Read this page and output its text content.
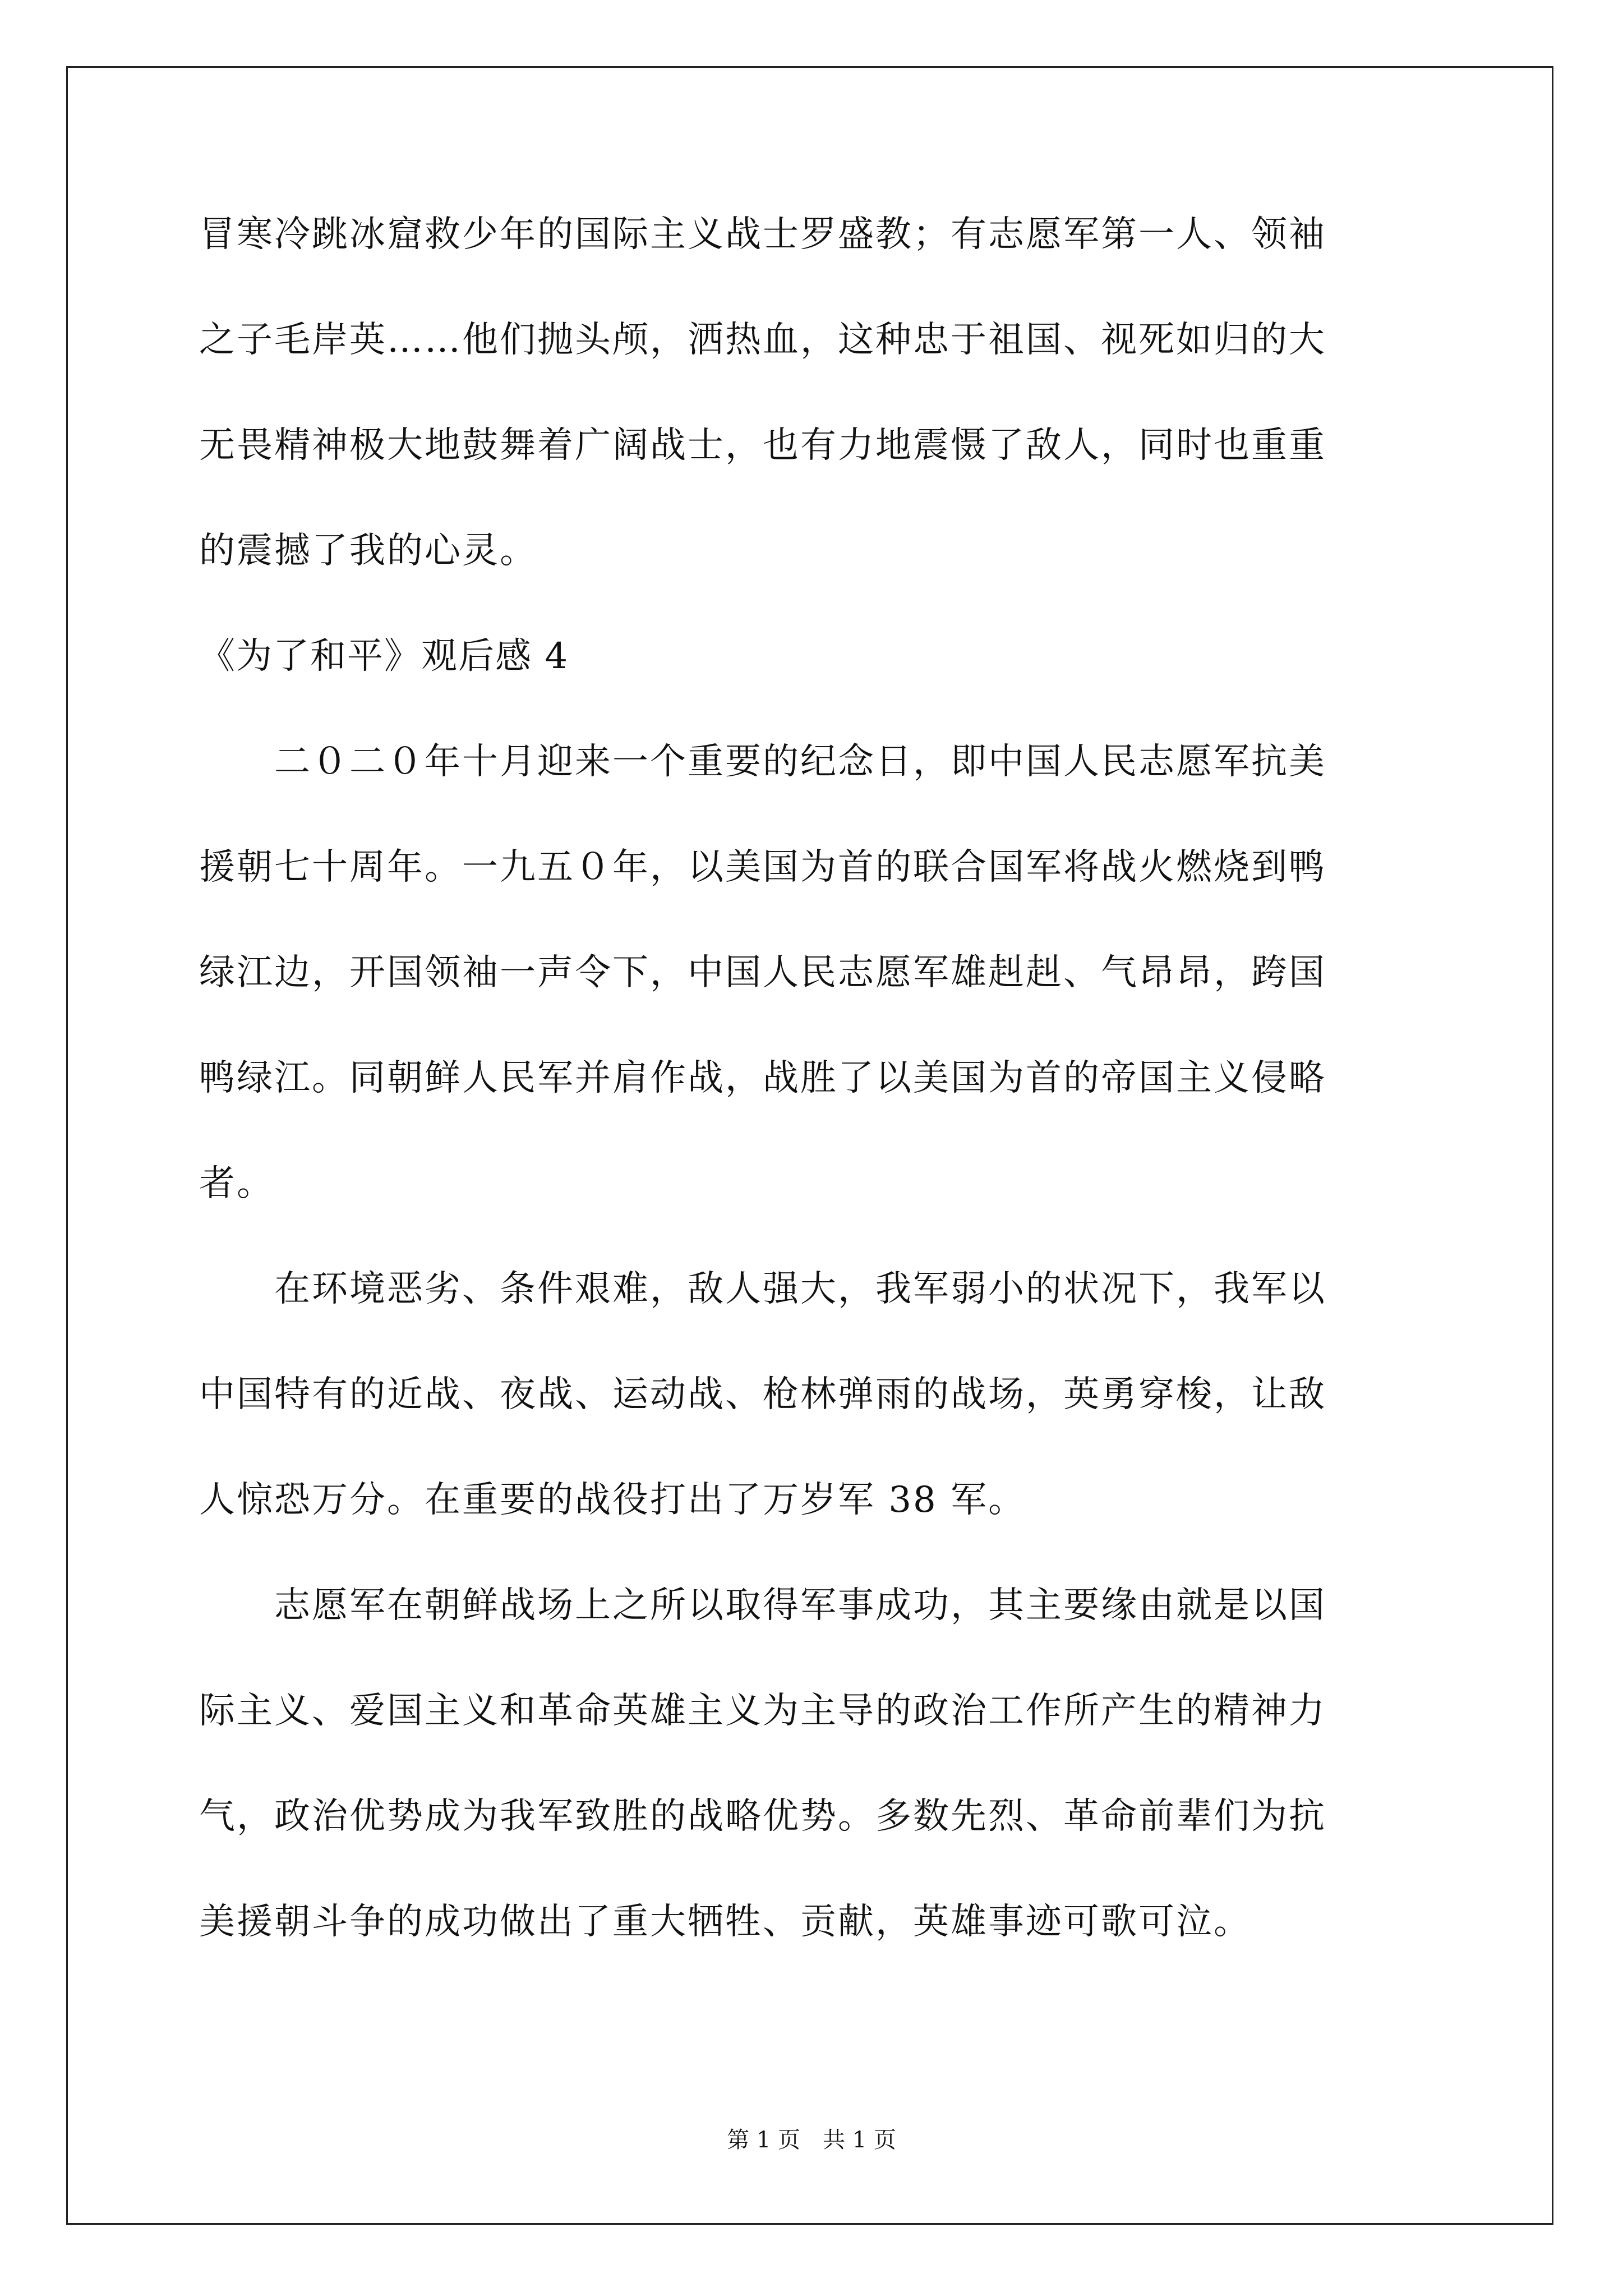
冒寒冷跳冰窟救少年的国际主义战士罗盛教；有志愿军第一人、领袖
之子毛岸英……他们抛头颅，洒热血，这种忠于祖国、视死如归的大
无畏精神极大地鼓舞着广阔战士，也有力地震慑了敌人，同时也重重
的震撼了我的心灵。
《为了和平》观后感 4
　　二０二０年十月迎来一个重要的纪念日，即中国人民志愿军抗美
援朝七十周年。一九五０年，以美国为首的联合国军将战火燃烧到鸭
绿江边，开国领袖一声令下，中国人民志愿军雄赳赳、气昂昂，跨国
鸭绿江。同朝鲜人民军并肩作战，战胜了以美国为首的帝国主义侵略
者。
　　在环境恶劣、条件艰难，敌人强大，我军弱小的状况下，我军以
中国特有的近战、夜战、运动战、枪林弹雨的战场，英勇穿梭，让敌
人惊恐万分。在重要的战役打出了万岁军 38 军。
　　志愿军在朝鲜战场上之所以取得军事成功，其主要缘由就是以国
际主义、爱国主义和革命英雄主义为主导的政治工作所产生的精神力
气，政治优势成为我军致胜的战略优势。多数先烈、革命前辈们为抗
美援朝斗争的成功做出了重大牺牲、贡献，英雄事迹可歌可泣。
第 1 页 共 1 页
